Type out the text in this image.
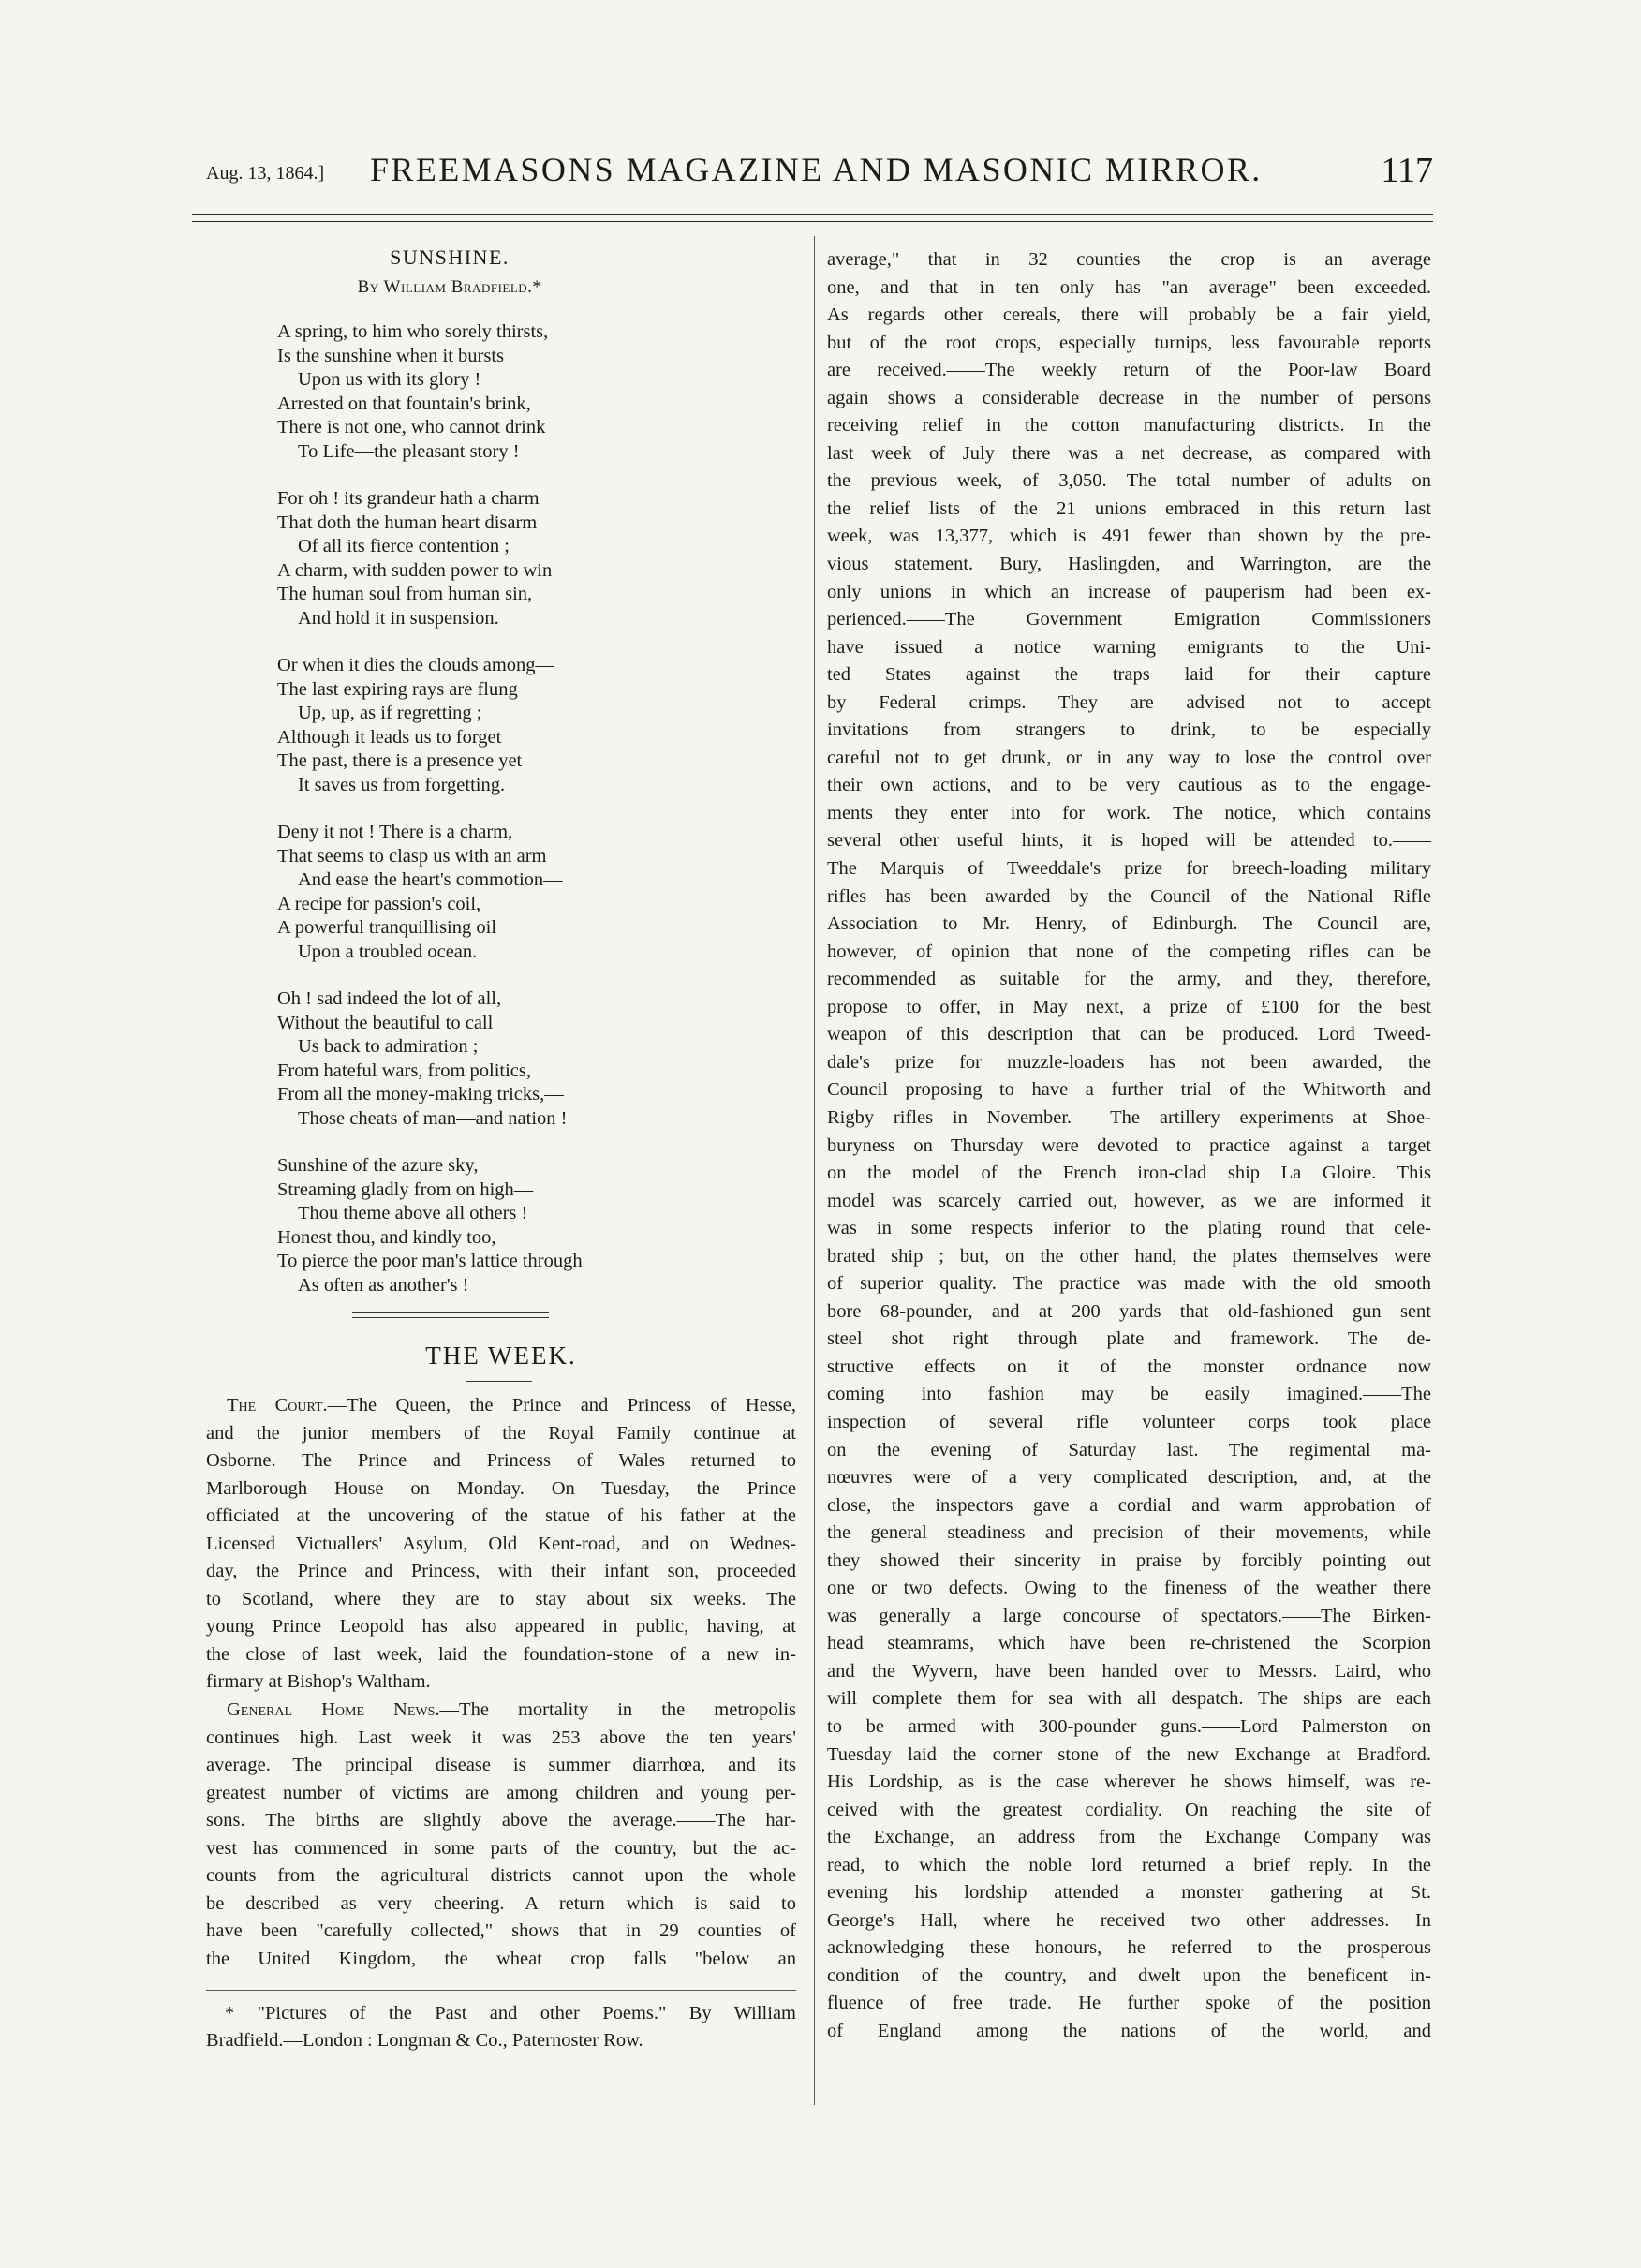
Aug. 13, 1864.] FREEMASONS MAGAZINE AND MASONIC MIRROR.	117
SUNSHINE.
By William Bradfield.*
A spring, to him who sorely thirsts,
Is the sunshine when it bursts
Upon us with its glory !
Arrested on that fountain's brink,
There is not one, who cannot drink
To Life—the pleasant story !
For oh ! its grandeur hath a charm
That doth the human heart disarm
Of all its fierce contention ;
A charm, with sudden power to win
The human soul from human sin,
And hold it in suspension.
Or when it dies the clouds among—
The last expiring rays are flung
Up, up, as if regretting ;
Although it leads us to forget
The past, there is a presence yet
It saves us from forgetting.
Deny it not ! There is a charm,
That seems to clasp us with an arm
And ease the heart's commotion—
A recipe for passion's coil,
A powerful tranquillising oil
Upon a troubled ocean.
Oh ! sad indeed the lot of all,
Without the beautiful to call
Us back to admiration ;
From hateful wars, from politics,
From all the money-making tricks,—
Those cheats of man—and nation !
Sunshine of the azure sky,
Streaming gladly from on high—
Thou theme above all others !
Honest thou, and kindly too,
To pierce the poor man's lattice through
As often as another's !
THE WEEK.
The Court.—The Queen, the Prince and Princess of Hesse,
and the junior members of the Royal Family continue at
Osborne. The Prince and Princess of Wales returned to
Marlborough House on Monday. On Tuesday, the Prince
officiated at the uncovering of the statue of his father at the
Licensed Victuallers' Asylum, Old Kent-road, and on Wednes-
day, the Prince and Princess, with their infant son, proceeded
to Scotland, where they are to stay about six weeks. The
young Prince Leopold has also appeared in public, having, at
the close of last week, laid the foundation-stone of a new in-
firmary at Bishop's Waltham.
General Home News.—The mortality in the metropolis
continues high. Last week it was 253 above the ten years'
average. The principal disease is summer diarrhœa, and its
greatest number of victims are among children and young per-
sons. The births are slightly above the average.——The har-
vest has commenced in some parts of the country, but the ac-
counts from the agricultural districts cannot upon the whole
be described as very cheering. A return which is said to
have been "carefully collected," shows that in 29 counties of
the United Kingdom, the wheat crop falls "below an
* "Pictures of the Past and other Poems." By William
Bradfield.—London : Longman & Co., Paternoster Row.
average," that in 32 counties the crop is an average
one, and that in ten only has "an average" been exceeded.
As regards other cereals, there will probably be a fair yield,
but of the root crops, especially turnips, less favourable reports
are received.——The weekly return of the Poor-law Board
again shows a considerable decrease in the number of persons
receiving relief in the cotton manufacturing districts. In the
last week of July there was a net decrease, as compared with
the previous week, of 3,050. The total number of adults on
the relief lists of the 21 unions embraced in this return last
week, was 13,377, which is 491 fewer than shown by the pre-
vious statement. Bury, Haslingden, and Warrington, are the
only unions in which an increase of pauperism had been ex-
perienced.——The Government Emigration Commissioners
have issued a notice warning emigrants to the Uni-
ted States against the traps laid for their capture
by Federal crimps. They are advised not to accept
invitations from strangers to drink, to be especially
careful not to get drunk, or in any way to lose the control over
their own actions, and to be very cautious as to the engage-
ments they enter into for work. The notice, which contains
several other useful hints, it is hoped will be attended to.——
The Marquis of Tweeddale's prize for breech-loading military
rifles has been awarded by the Council of the National Rifle
Association to Mr. Henry, of Edinburgh. The Council are,
however, of opinion that none of the competing rifles can be
recommended as suitable for the army, and they, therefore,
propose to offer, in May next, a prize of £100 for the best
weapon of this description that can be produced. Lord Tweed-
dale's prize for muzzle-loaders has not been awarded, the
Council proposing to have a further trial of the Whitworth and
Rigby rifles in November.——The artillery experiments at Shoe-
buryness on Thursday were devoted to practice against a target
on the model of the French iron-clad ship La Gloire. This
model was scarcely carried out, however, as we are informed it
was in some respects inferior to the plating round that cele-
brated ship ; but, on the other hand, the plates themselves were
of superior quality. The practice was made with the old smooth
bore 68-pounder, and at 200 yards that old-fashioned gun sent
steel shot right through plate and framework. The de-
structive effects on it of the monster ordnance now
coming into fashion may be easily imagined.——The
inspection of several rifle volunteer corps took place
on the evening of Saturday last. The regimental ma-
nœuvres were of a very complicated description, and, at the
close, the inspectors gave a cordial and warm approbation of
the general steadiness and precision of their movements, while
they showed their sincerity in praise by forcibly pointing out
one or two defects. Owing to the fineness of the weather there
was generally a large concourse of spectators.——The Birken-
head steamrams, which have been re-christened the Scorpion
and the Wyvern, have been handed over to Messrs. Laird, who
will complete them for sea with all despatch. The ships are each
to be armed with 300-pounder guns.——Lord Palmerston on
Tuesday laid the corner stone of the new Exchange at Bradford.
His Lordship, as is the case wherever he shows himself, was re-
ceived with the greatest cordiality. On reaching the site of
the Exchange, an address from the Exchange Company was
read, to which the noble lord returned a brief reply. In the
evening his lordship attended a monster gathering at St.
George's Hall, where he received two other addresses. In
acknowledging these honours, he referred to the prosperous
condition of the country, and dwelt upon the beneficent in-
fluence of free trade. He further spoke of the position
of England among the nations of the world, and
